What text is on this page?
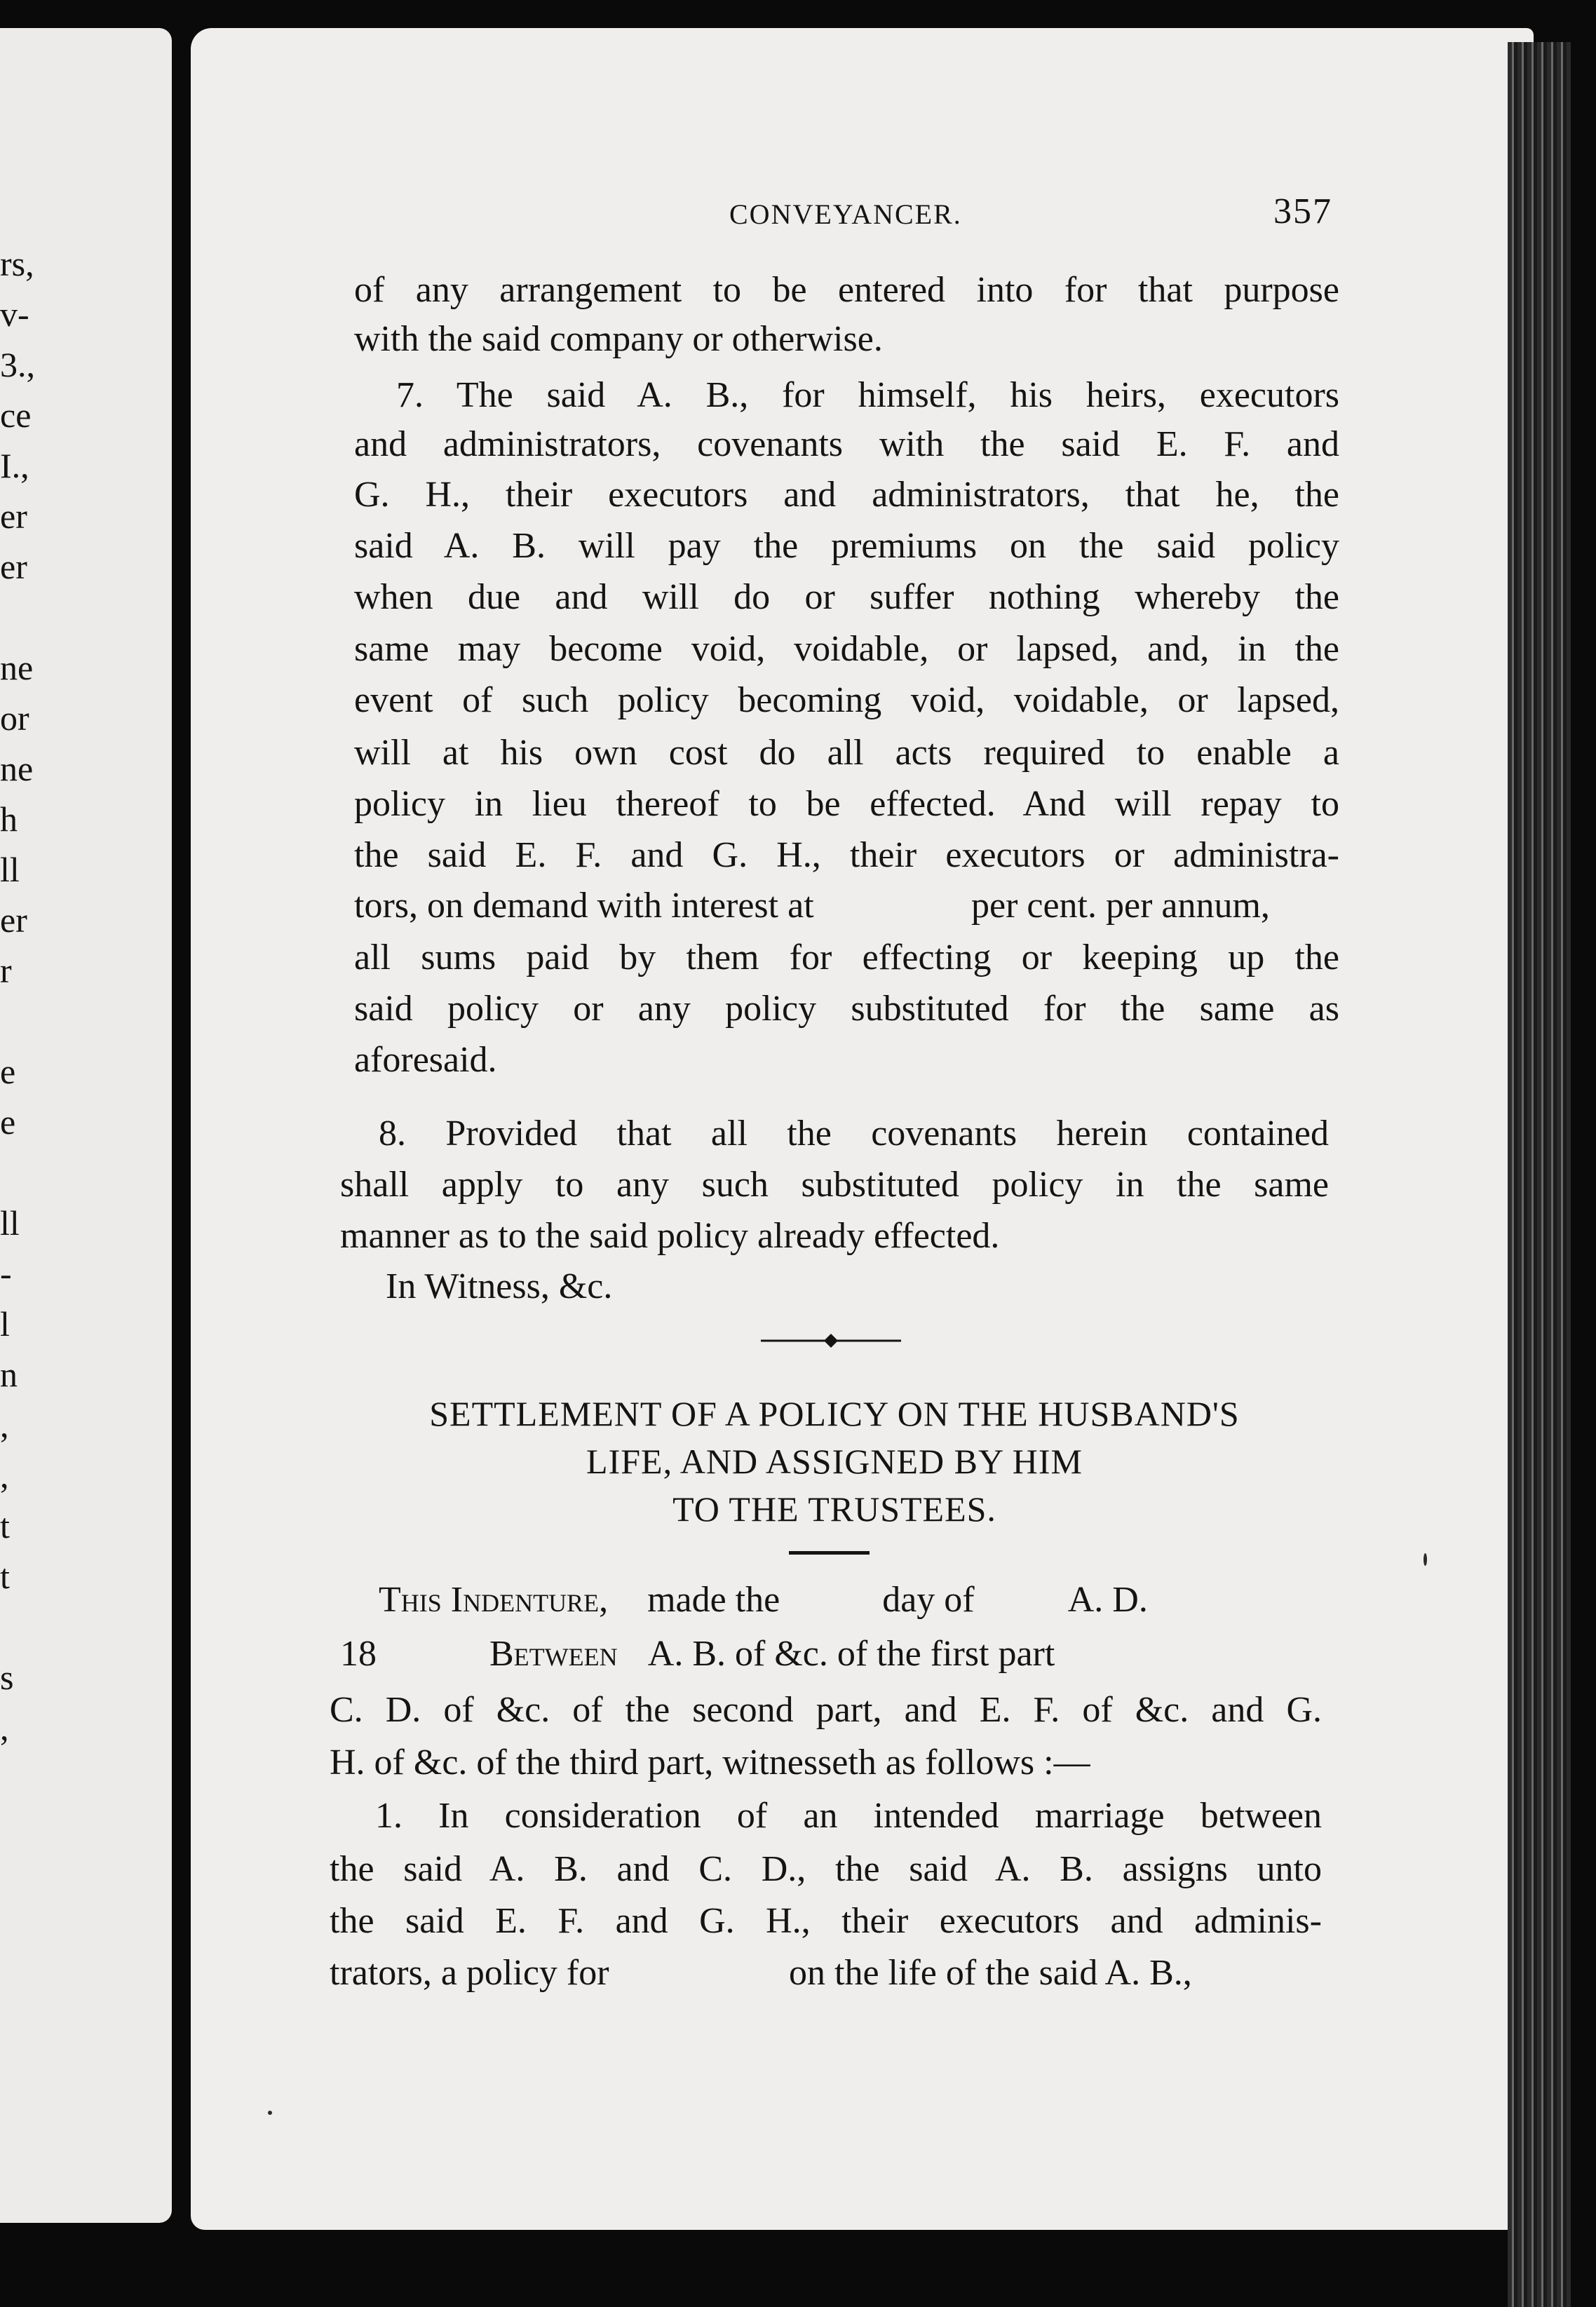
rs,
v-
3.,
ce
I.,
er
er
ne
or
ne
h
ll
er
r
e
e
ll
-
l
n
,
,
t
t
s
,
CONVEYANCER.	357
of any arrangement to be entered into for that purpose
with the said company or otherwise.
7. The said A. B., for himself, his heirs, executors
and administrators, covenants with the said E. F. and
G. H., their executors and administrators, that he, the
said A. B. will pay the premiums on the said policy
when due and will do or suffer nothing whereby the
same may become void, voidable, or lapsed, and, in the
event of such policy becoming void, voidable, or lapsed,
will at his own cost do all acts required to enable a
policy in lieu thereof to be effected. And will repay to
the said E. F. and G. H., their executors or administra-
tors, on demand with interest at	per cent. per annum,
all sums paid by them for effecting or keeping up the
said policy or any policy substituted for the same as
aforesaid.
8. Provided that all the covenants herein contained
shall apply to any such substituted policy in the same
manner as to the said policy already effected.
In Witness, &c.
SETTLEMENT OF A POLICY ON THE HUSBAND'S
LIFE, AND ASSIGNED BY HIM
TO THE TRUSTEES.
This Indenture, made the	day of	A. D.
18	Between A. B. of &c. of the first part
C. D. of &c. of the second part, and E. F. of &c. and G.
H. of &c. of the third part, witnesseth as follows :—
1. In consideration of an intended marriage between
the said A. B. and C. D., the said A. B. assigns unto
the said E. F. and G. H., their executors and adminis-
trators, a policy for	on the life of the said A. B.,
